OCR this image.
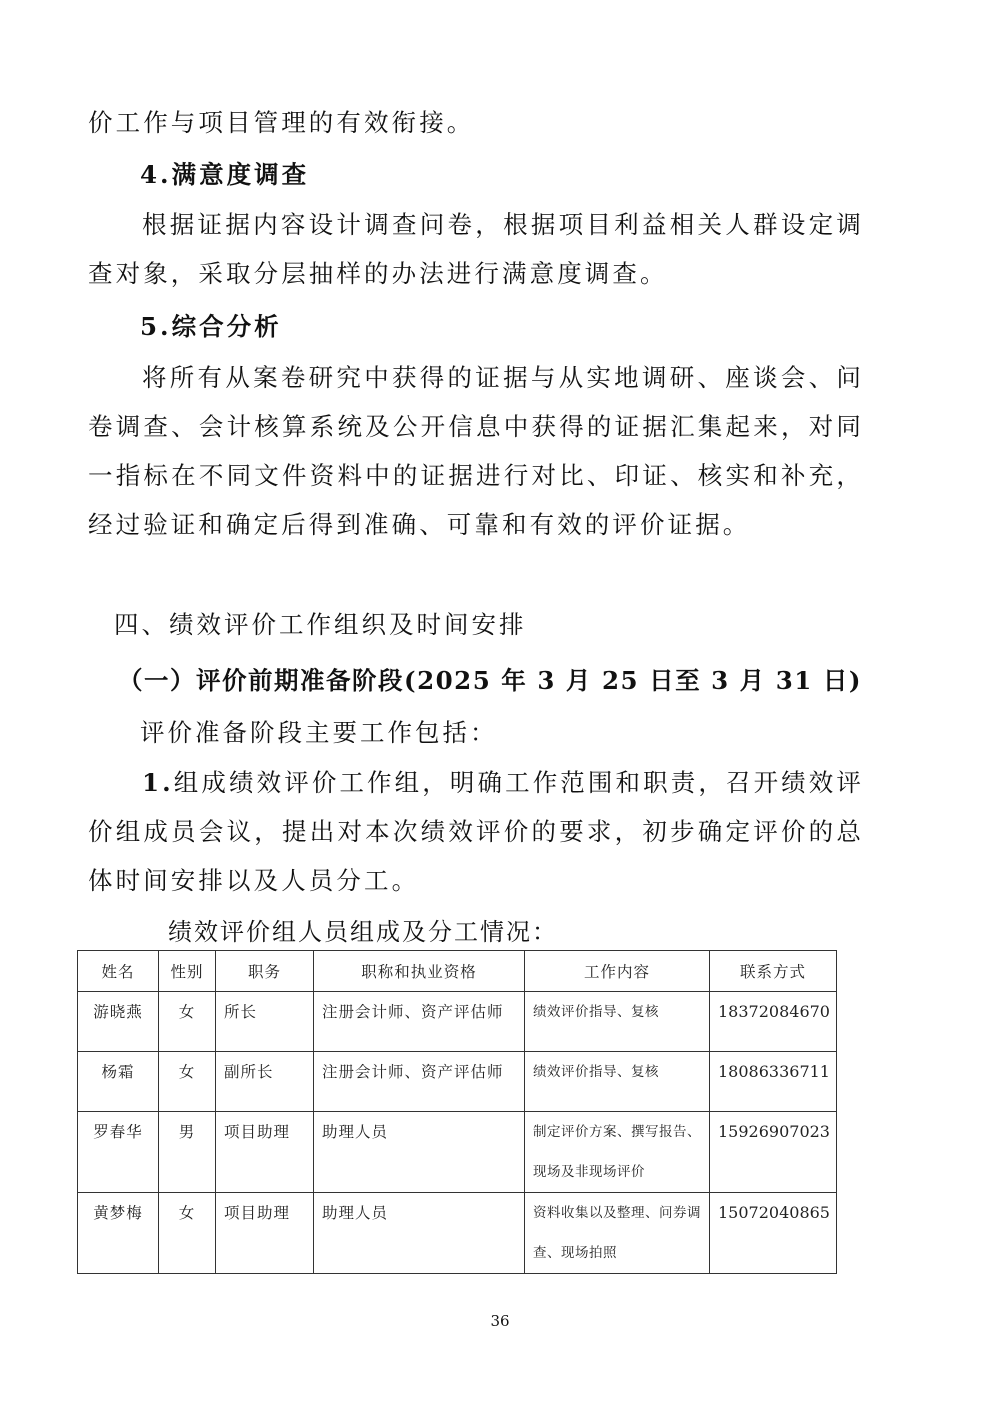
价工作与项目管理的有效衔接。

4.满意度调查

根据证据内容设计调查问卷，根据项目利益相关人群设定调查对象，采取分层抽样的办法进行满意度调查。

5.综合分析

将所有从案卷研究中获得的证据与从实地调研、座谈会、问卷调查、会计核算系统及公开信息中获得的证据汇集起来，对同一指标在不同文件资料中的证据进行对比、印证、核实和补充，经过验证和确定后得到准确、可靠和有效的评价证据。

四、绩效评价工作组织及时间安排

（一）评价前期准备阶段(2025 年 3 月 25 日至 3 月 31 日)

评价准备阶段主要工作包括：

1.组成绩效评价工作组，明确工作范围和职责，召开绩效评价组成员会议，提出对本次绩效评价的要求，初步确定评价的总体时间安排以及人员分工。

绩效评价组人员组成及分工情况：

姓名	性别	职务	职称和执业资格	工作内容	联系方式
游晓燕	女	所长	注册会计师、资产评估师	绩效评价指导、复核	18372084670
杨霜	女	副所长	注册会计师、资产评估师	绩效评价指导、复核	18086336711
罗春华	男	项目助理	助理人员	制定评价方案、撰写报告、现场及非现场评价	15926907023
黄梦梅	女	项目助理	助理人员	资料收集以及整理、问券调查、现场拍照	15072040865
36
